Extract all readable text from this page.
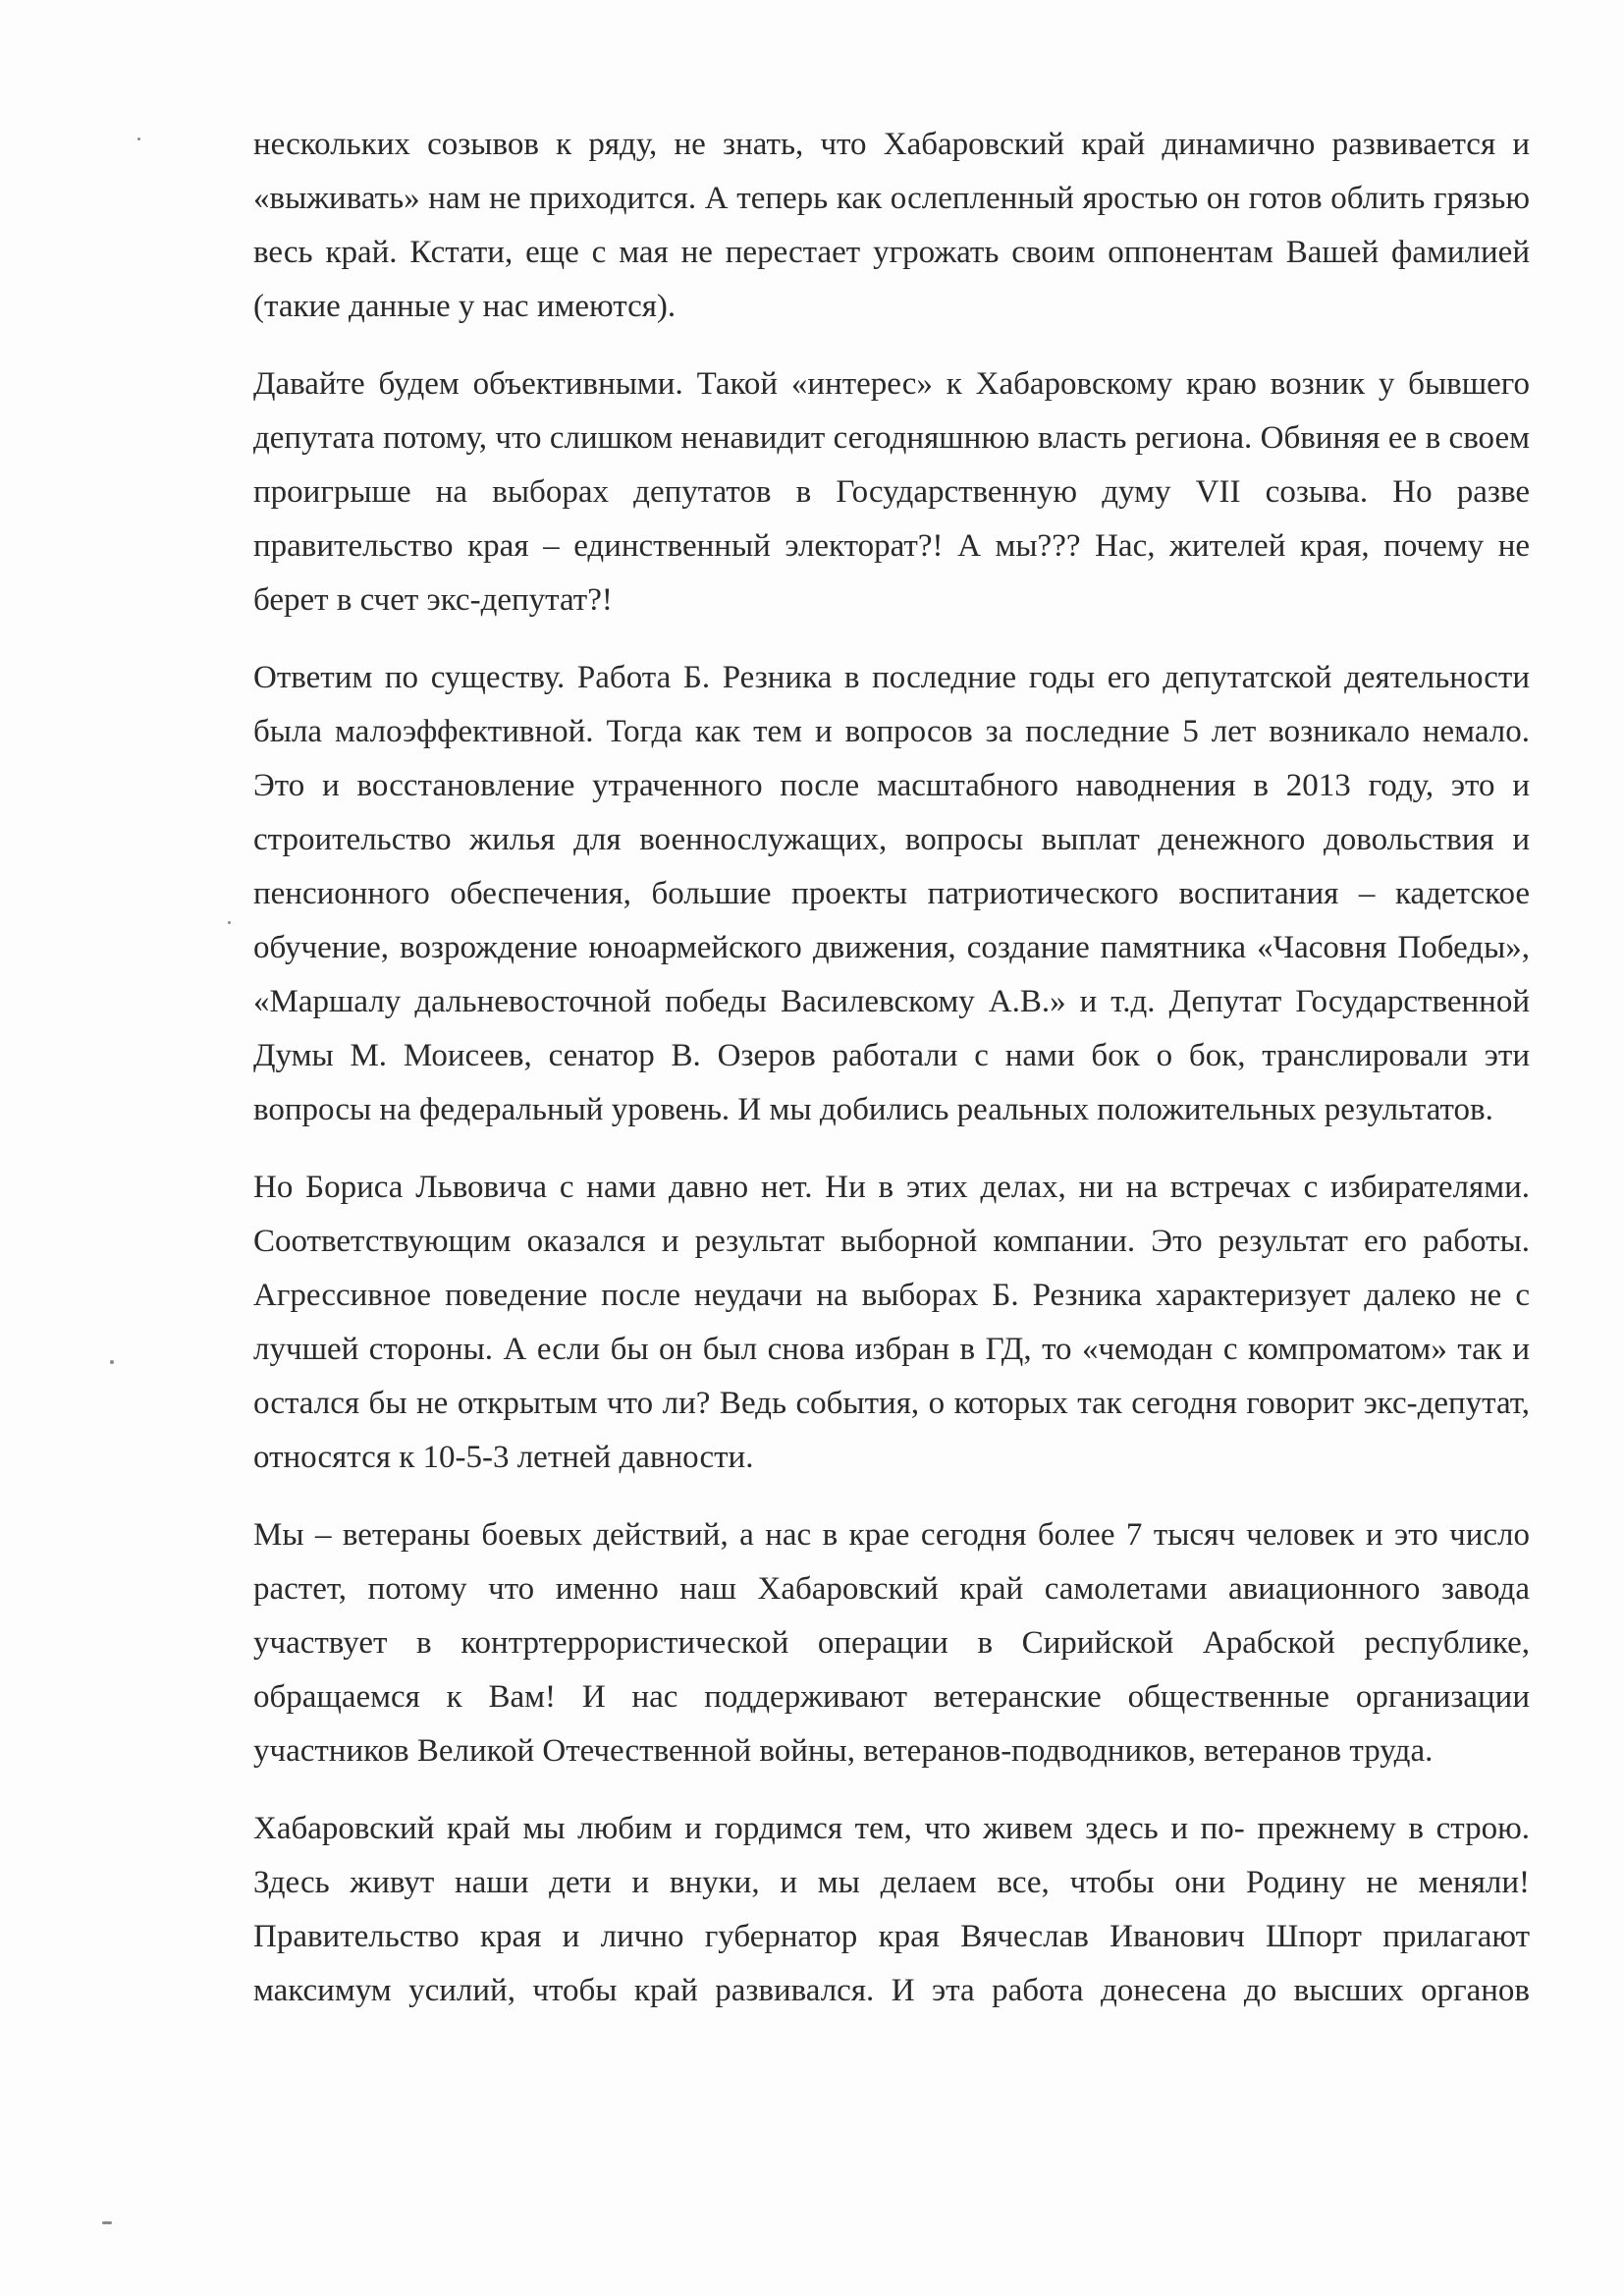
нескольких созывов к ряду, не знать, что Хабаровский край динамично развивается и
«выживать» нам не приходится. А теперь как ослепленный яростью он готов облить грязью
весь край. Кстати, еще с мая не перестает угрожать своим оппонентам Вашей фамилией
(такие данные у нас имеются).
Давайте будем объективными. Такой «интерес» к Хабаровскому краю возник у бывшего
депутата потому, что слишком ненавидит сегодняшнюю власть региона. Обвиняя ее в своем
проигрыше на выборах депутатов в Государственную думу VII созыва. Но разве
правительство края – единственный электорат?! А мы??? Нас, жителей края, почему не
берет в счет экс-депутат?!
Ответим по существу. Работа Б. Резника в последние годы его депутатской деятельности
была малоэффективной. Тогда как тем и вопросов за последние 5 лет возникало немало.
Это и восстановление утраченного после масштабного наводнения в 2013 году, это и
строительство жилья для военнослужащих, вопросы выплат денежного довольствия и
пенсионного обеспечения, большие проекты патриотического воспитания – кадетское
обучение, возрождение юноармейского движения, создание памятника «Часовня Победы»,
«Маршалу дальневосточной победы Василевскому А.В.» и т.д. Депутат Государственной
Думы М. Моисеев, сенатор В. Озеров работали с нами бок о бок, транслировали эти
вопросы на федеральный уровень. И мы добились реальных положительных результатов.
Но Бориса Львовича с нами давно нет. Ни в этих делах, ни на встречах с избирателями.
Соответствующим оказался и результат выборной компании. Это результат его работы.
Агрессивное поведение после неудачи на выборах Б. Резника характеризует далеко не с
лучшей стороны. А если бы он был снова избран в ГД, то «чемодан с компроматом» так и
остался бы не открытым что ли? Ведь события, о которых так сегодня говорит экс-депутат,
относятся к 10-5-3 летней давности.
Мы – ветераны боевых действий, а нас в крае сегодня более 7 тысяч человек и это число
растет, потому что именно наш Хабаровский край самолетами авиационного завода
участвует в контртеррористической операции в Сирийской Арабской республике,
обращаемся к Вам! И нас поддерживают ветеранские общественные организации
участников Великой Отечественной войны, ветеранов-подводников, ветеранов труда.
Хабаровский край мы любим и гордимся тем, что живем здесь и по- прежнему в строю.
Здесь живут наши дети и внуки, и мы делаем все, чтобы они Родину не меняли!
Правительство края и лично губернатор края Вячеслав Иванович Шпорт прилагают
максимум усилий, чтобы край развивался. И эта работа донесена до высших органов
